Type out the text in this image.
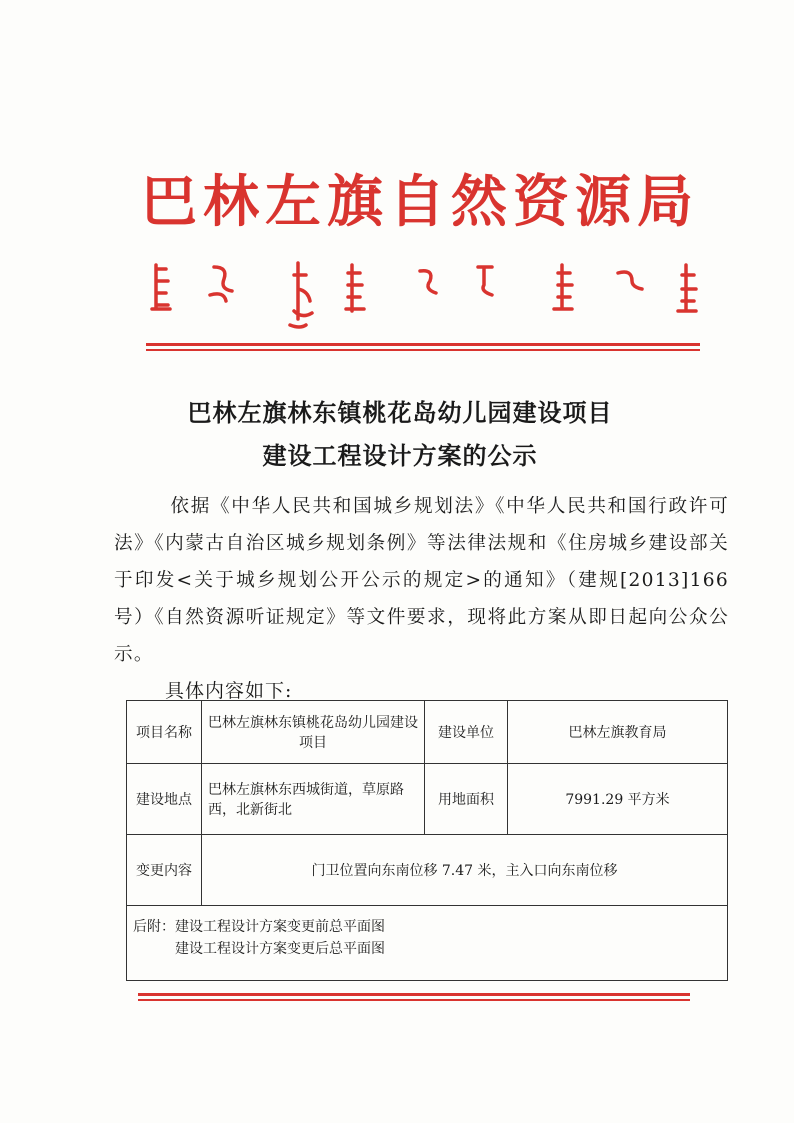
巴林左旗自然资源局
巴林左旗林东镇桃花岛幼儿园建设项目
建设工程设计方案的公示
依据《中华人民共和国城乡规划法》《中华人民共和国行政许可法》《内蒙古自治区城乡规划条例》等法律法规和《住房城乡建设部关于印发<关于城乡规划公开公示的规定>的通知》（建规[2013]166号）《自然资源听证规定》等文件要求，现将此方案从即日起向公众公示。
具体内容如下:
项目名称	巴林左旗林东镇桃花岛幼儿园建设项目	建设单位	巴林左旗教育局
建设地点	巴林左旗林东西城街道，草原路西，北新街北	用地面积	7991.29 平方米
变更内容	门卫位置向东南位移 7.47 米，主入口向东南位移		

后附：建设工程设计方案变更前总平面图
建设工程设计方案变更后总平面图			
